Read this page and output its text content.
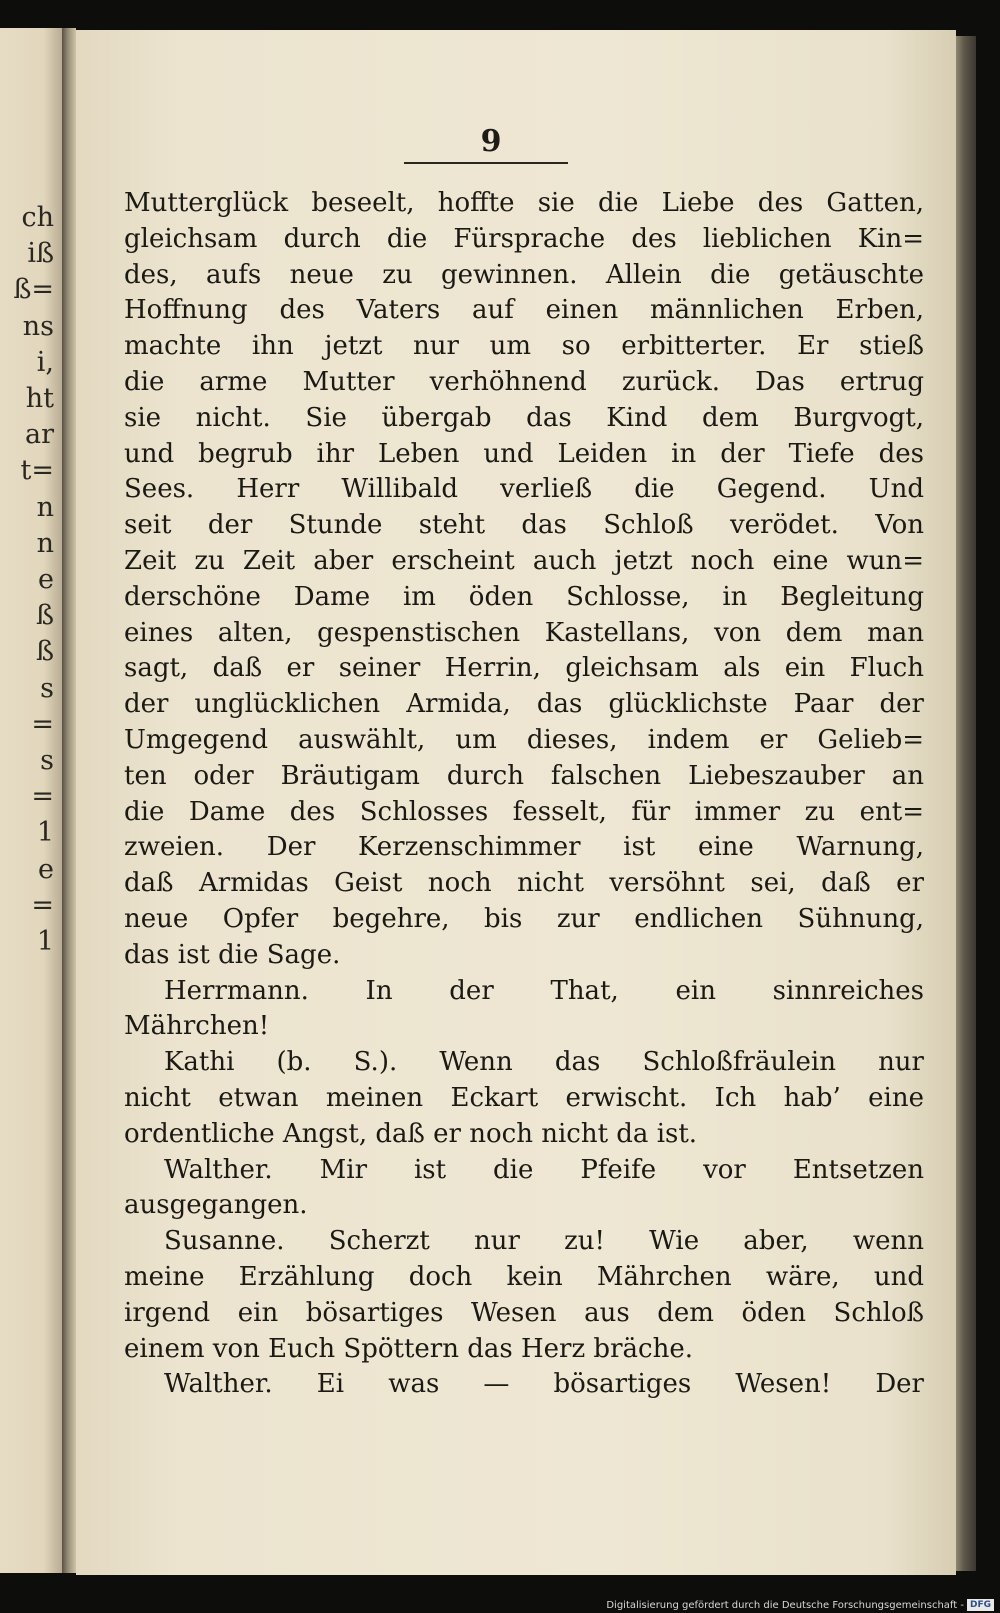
ch
iß
ß=
ns
i,
ht
ar
t=
n
n
e
ß
ß
s
=
s
=
1
e
=
1
9
Mutterglück beseelt, hoffte sie die Liebe des Gatten,
gleichsam durch die Fürsprache des lieblichen Kin=
des, aufs neue zu gewinnen. Allein die getäuschte
Hoffnung des Vaters auf einen männlichen Erben,
machte ihn jetzt nur um so erbitterter. Er stieß
die arme Mutter verhöhnend zurück. Das ertrug
sie nicht. Sie übergab das Kind dem Burgvogt,
und begrub ihr Leben und Leiden in der Tiefe des
Sees. Herr Willibald verließ die Gegend. Und
seit der Stunde steht das Schloß verödet. Von
Zeit zu Zeit aber erscheint auch jetzt noch eine wun=
derschöne Dame im öden Schlosse, in Begleitung
eines alten, gespenstischen Kastellans, von dem man
sagt, daß er seiner Herrin, gleichsam als ein Fluch
der unglücklichen Armida, das glücklichste Paar der
Umgegend auswählt, um dieses, indem er Gelieb=
ten oder Bräutigam durch falschen Liebeszauber an
die Dame des Schlosses fesselt, für immer zu ent=
zweien. Der Kerzenschimmer ist eine Warnung,
daß Armidas Geist noch nicht versöhnt sei, daß er
neue Opfer begehre, bis zur endlichen Sühnung,
das ist die Sage.
Herrmann. In der That, ein sinnreiches
Mährchen!
Kathi (b. S.). Wenn das Schloßfräulein nur
nicht etwan meinen Eckart erwischt. Ich hab’ eine
ordentliche Angst, daß er noch nicht da ist.
Walther. Mir ist die Pfeife vor Entsetzen
ausgegangen.
Susanne. Scherzt nur zu! Wie aber, wenn
meine Erzählung doch kein Mährchen wäre, und
irgend ein bösartiges Wesen aus dem öden Schloß
einem von Euch Spöttern das Herz bräche.
Walther. Ei was — bösartiges Wesen! Der
Digitalisierung gefördert durch die Deutsche Forschungsgemeinschaft - DFG
